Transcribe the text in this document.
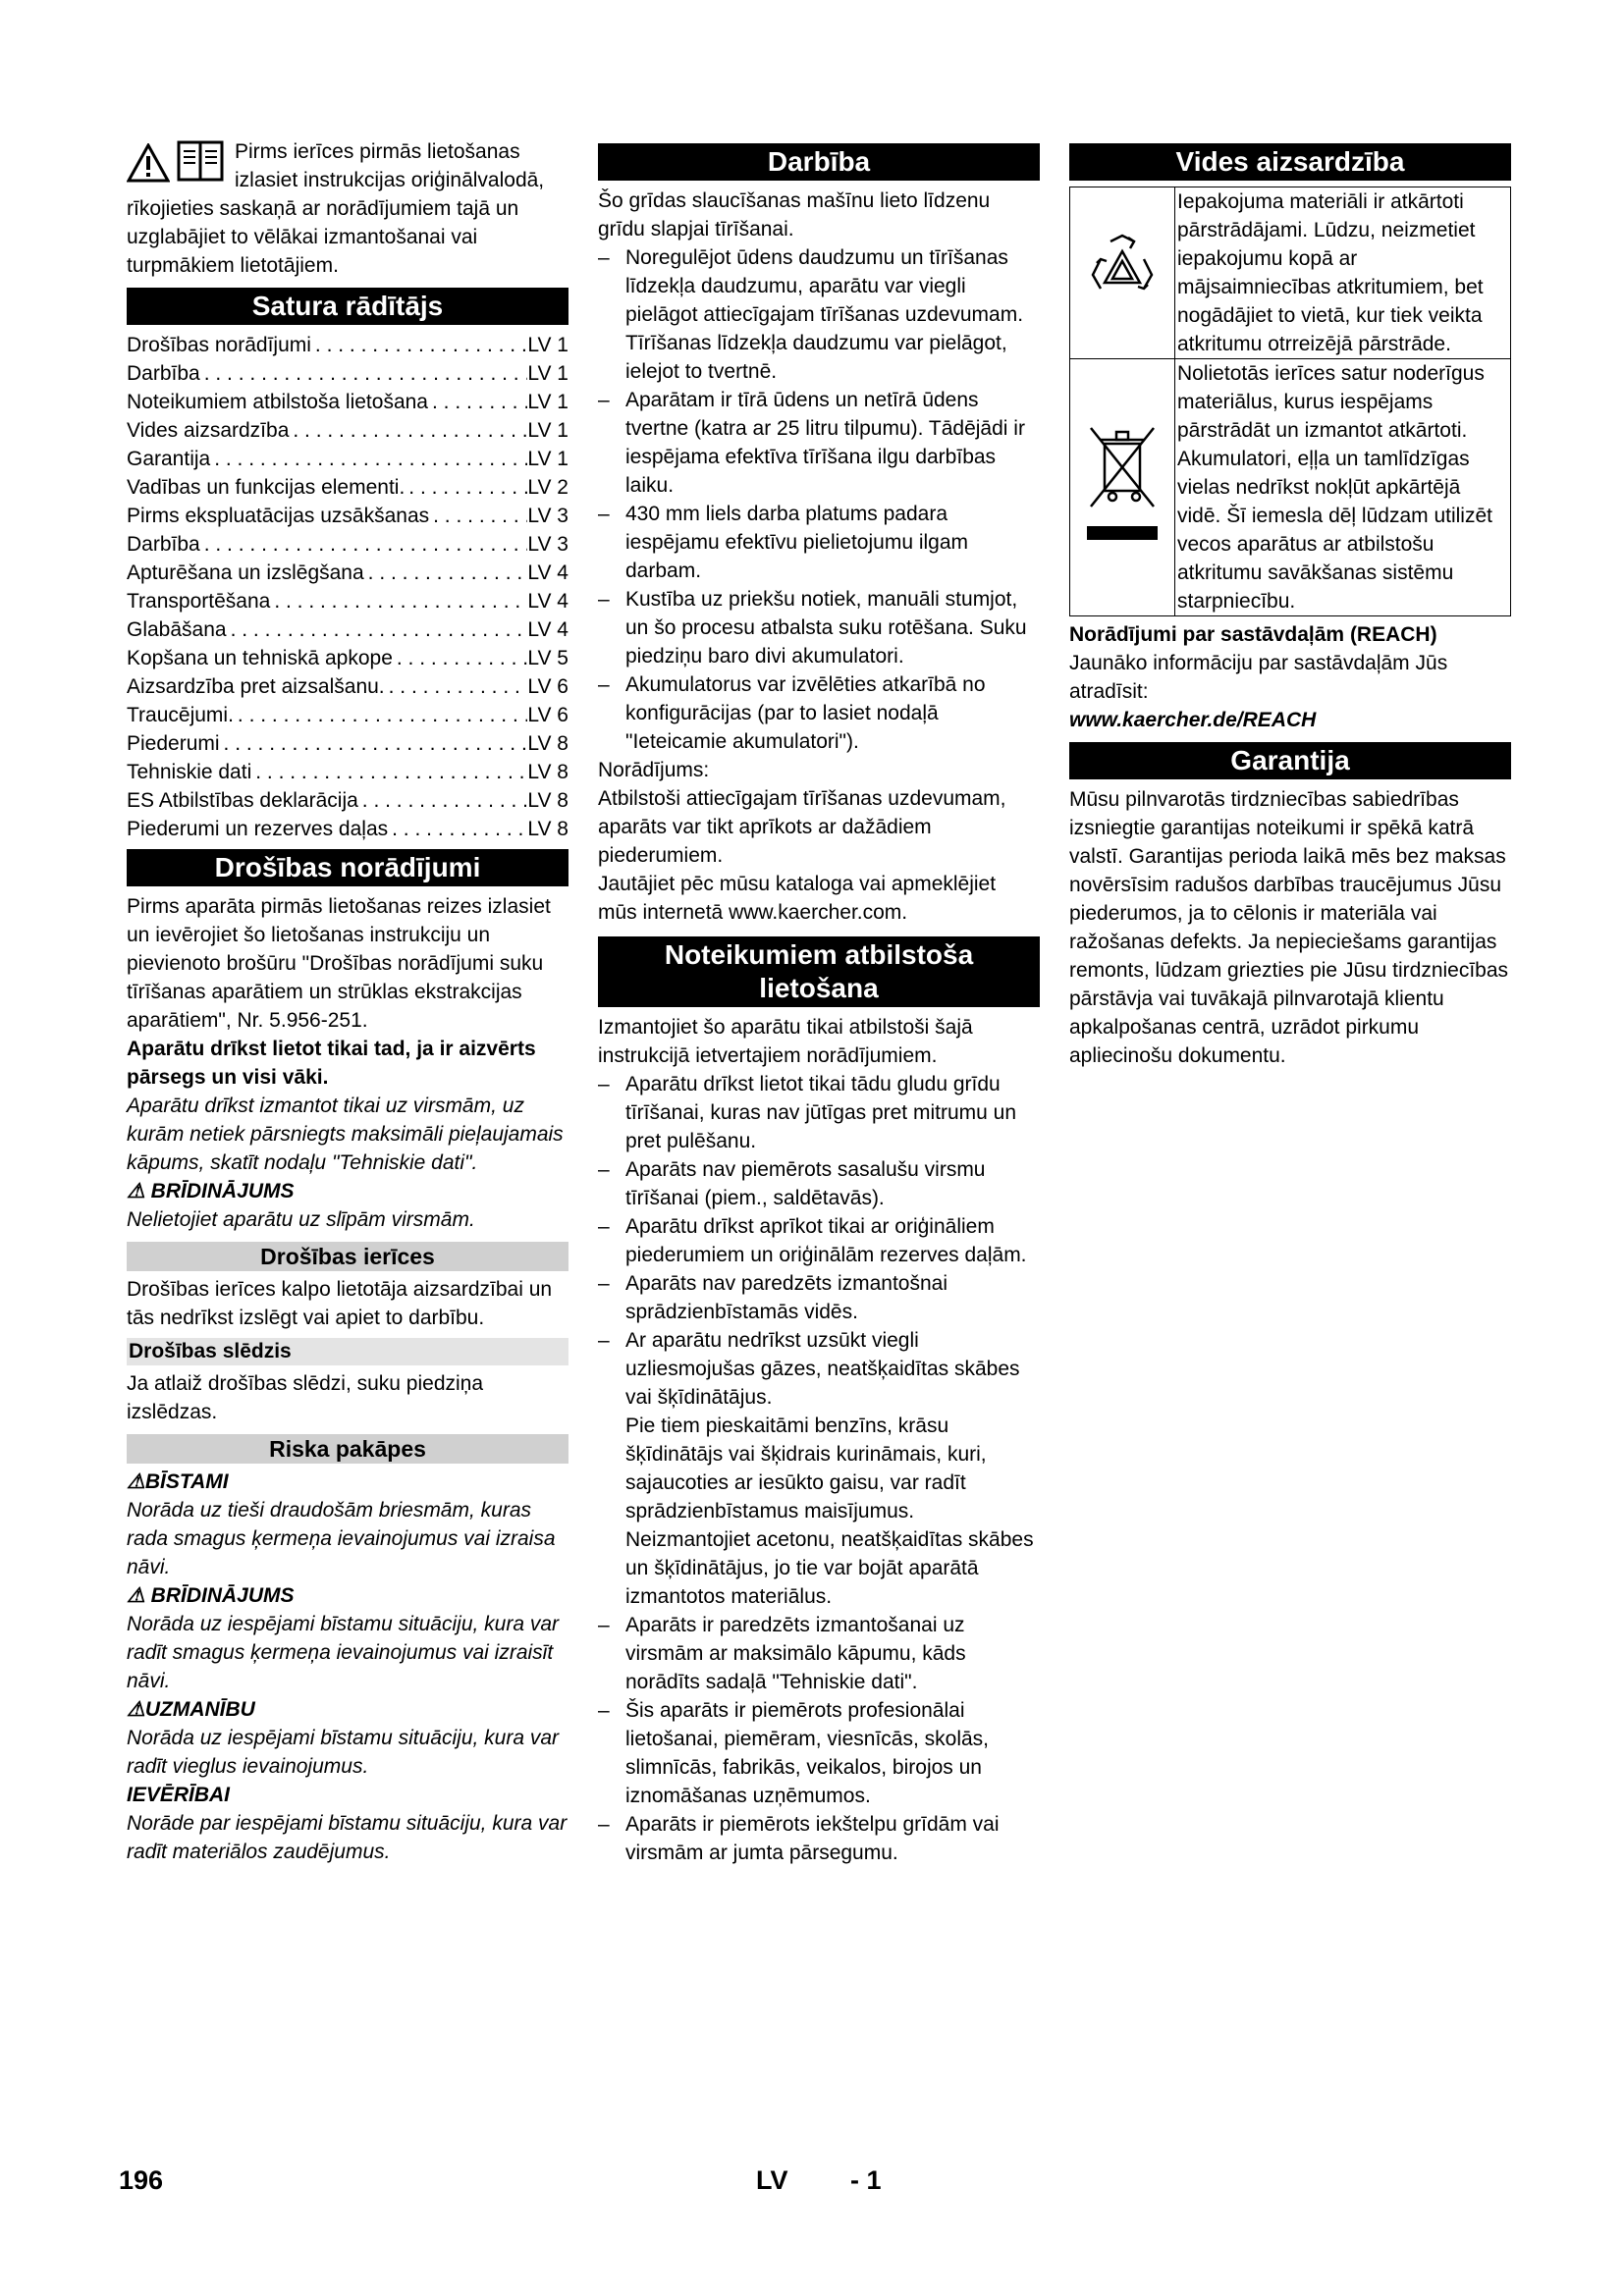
Pirms ierīces pirmās lietošanas izlasiet instrukcijas oriģinālvalodā, rīkojieties saskaņā ar norādījumiem tajā un uzglabājiet to vēlākai izmantošanai vai turpmākiem lietotājiem.

Satura rādītājs
Drošības norādījumi . . .	LV 1
Darbība . . .	LV 1
Noteikumiem atbilstoša lietošana . . .	LV 1
Vides aizsardzība . . .	LV 1
Garantija . . .	LV 1
Vadības un funkcijas elementi. . . .	LV 2
Pirms ekspluatācijas uzsākšanas . . .	LV 3
Darbība . . .	LV 3
Apturēšana un izslēgšana . . .	LV 4
Transportēšana . . .	LV 4
Glabāšana . . .	LV 4
Kopšana un tehniskā apkope . . .	LV 5
Aizsardzība pret aizsalšanu. . . .	LV 6
Traucējumi. . . .	LV 6
Piederumi . . .	LV 8
Tehniskie dati . . .	LV 8
ES Atbilstības deklarācija . . .	LV 8
Piederumi un rezerves daļas . . .	LV 8
Drošības norādījumi

Pirms aparāta pirmās lietošanas reizes izlasiet un ievērojiet šo lietošanas instrukciju un pievienoto brošūru "Drošības norādījumi suku tīrīšanas aparātiem un strūklas ekstrakcijas aparātiem", Nr. 5.956-251.

Aparātu drīkst lietot tikai tad, ja ir aizvērts pārsegs un visi vāki.

Aparātu drīkst izmantot tikai uz virsmām, uz kurām netiek pārsniegts maksimāli pieļaujamais kāpums, skatīt nodaļu "Tehniskie dati".

⚠ BRĪDINĀJUMS

Nelietojiet aparātu uz slīpām virsmām.

Drošības ierīces

Drošības ierīces kalpo lietotāja aizsardzībai un tās nedrīkst izslēgt vai apiet to darbību.

Drošības slēdzis

Ja atlaiž drošības slēdzi, suku piedziņa izslēdzas.

Riska pakāpes

⚠BĪSTAMI

Norāda uz tieši draudošām briesmām, kuras rada smagus ķermeņa ievainojumus vai izraisa nāvi.

⚠ BRĪDINĀJUMS

Norāda uz iespējami bīstamu situāciju, kura var radīt smagus ķermeņa ievainojumus vai izraisīt nāvi.

⚠UZMANĪBU

Norāda uz iespējami bīstamu situāciju, kura var radīt vieglus ievainojumus.

IEVĒRĪBAI

Norāde par iespējami bīstamu situāciju, kura var radīt materiālos zaudējumus.

Darbība

Šo grīdas slaucīšanas mašīnu lieto līdzenu grīdu slapjai tīrīšanai.

– Noregulējot ūdens daudzumu un tīrīšanas līdzekļa daudzumu, aparātu var viegli pielāgot attiecīgajam tīrīšanas uzdevumam.
Tīrīšanas līdzekļa daudzumu var pielāgot, ielejot to tvertnē.
– Aparātam ir tīrā ūdens un netīrā ūdens tvertne (katra ar 25 litru tilpumu). Tādējādi ir iespējama efektīva tīrīšana ilgu darbības laiku.
– 430 mm liels darba platums padara iespējamu efektīvu pielietojumu ilgam darbam.
– Kustība uz priekšu notiek, manuāli stumjot, un šo procesu atbalsta suku rotēšana. Suku piedziņu baro divi akumulatori.
– Akumulatorus var izvēlēties atkarībā no konfigurācijas (par to lasiet nodaļā "Ieteicamie akumulatori").

Norādījums:

Atbilstoši attiecīgajam tīrīšanas uzdevumam, aparāts var tikt aprīkots ar dažādiem piederumiem.

Jautājiet pēc mūsu kataloga vai apmeklējiet mūs internetā www.kaercher.com.

Noteikumiem atbilstoša lietošana

Izmantojiet šo aparātu tikai atbilstoši šajā instrukcijā ietvertajiem norādījumiem.

– Aparātu drīkst lietot tikai tādu gludu grīdu tīrīšanai, kuras nav jūtīgas pret mitrumu un pret pulēšanu.
– Aparāts nav piemērots sasalušu virsmu tīrīšanai (piem., saldētavās).
– Aparātu drīkst aprīkot tikai ar oriģināliem piederumiem un oriģinālām rezerves daļām.
– Aparāts nav paredzēts izmantošnai sprādzienbīstamās vidēs.
– Ar aparātu nedrīkst uzsūkt viegli uzliesmojušas gāzes, neatšķaidītas skābes vai šķīdinātājus.
Pie tiem pieskaitāmi benzīns, krāsu šķīdinātājs vai šķidrais kurināmais, kuri, sajaucoties ar iesūkto gaisu, var radīt sprādzienbīstamus maisījumus. Neizmantojiet acetonu, neatšķaidītas skābes un šķīdinātājus, jo tie var bojāt aparātā izmantotos materiālus.
– Aparāts ir paredzēts izmantošanai uz virsmām ar maksimālo kāpumu, kāds norādīts sadaļā "Tehniskie dati".
– Šis aparāts ir piemērots profesionālai lietošanai, piemēram, viesnīcās, skolās, slimnīcās, fabrikās, veikalos, birojos un iznomāšanas uzņēmumos.
– Aparāts ir piemērots iekštelpu grīdām vai virsmām ar jumta pārsegumu.
Vides aizsardzība
	Iepakojuma materiāli ir atkārtoti pārstrādājami. Lūdzu, neizmetiet iepakojumu kopā ar mājsaimniecības atkritumiem, bet nogādājiet to vietā, kur tiek veikta atkritumu otrreizējā pārstrāde.
	Nolietotās ierīces satur noderīgus materiālus, kurus iespējams pārstrādāt un izmantot atkārtoti. Akumulatori, eļļa un tamlīdzīgas vielas nedrīkst nokļūt apkārtējā vidē. Šī iemesla dēļ lūdzam utilizēt vecos aparātus ar atbilstošu atkritumu savākšanas sistēmu starpniecību.

Norādījumi par sastāvdaļām (REACH)

Jaunāko informāciju par sastāvdaļām Jūs atradīsit:

www.kaercher.de/REACH

Garantija

Mūsu pilnvarotās tirdzniecības sabiedrības izsniegtie garantijas noteikumi ir spēkā katrā valstī. Garantijas perioda laikā mēs bez maksas novērsīsim radušos darbības traucējumus Jūsu piederumos, ja to cēlonis ir materiāla vai ražošanas defekts. Ja nepieciešams garantijas remonts, lūdzam griezties pie Jūsu tirdzniecības pārstāvja vai tuvākajā pilnvarotajā klientu apkalpošanas centrā, uzrādot pirkumu apliecinošu dokumentu.

196	LV - 1
